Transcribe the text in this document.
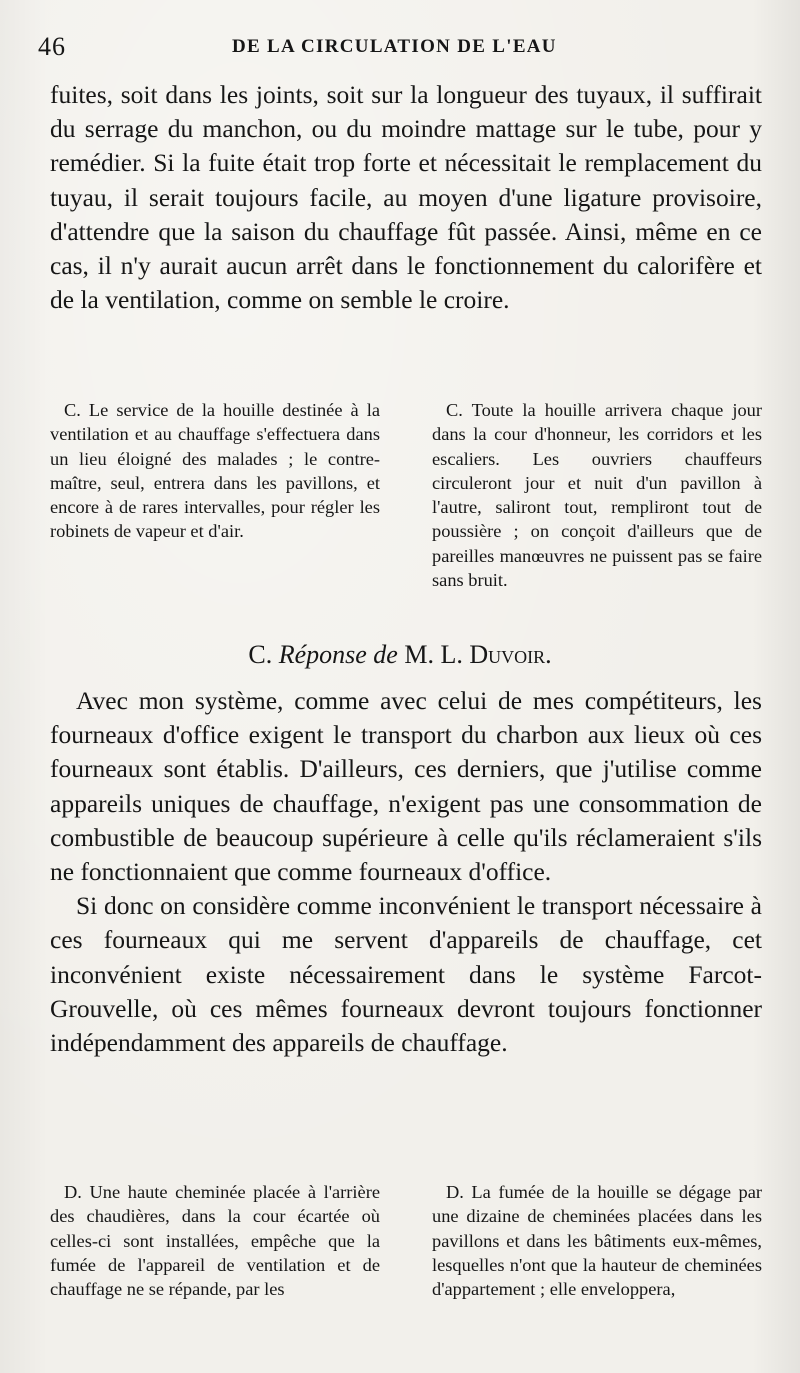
46	DE LA CIRCULATION DE L'EAU

fuites, soit dans les joints, soit sur la longueur des tuyaux, il suffirait du serrage du manchon, ou du moindre mattage sur le tube, pour y remédier. Si la fuite était trop forte et nécessitait le remplacement du tuyau, il serait toujours facile, au moyen d'une ligature provisoire, d'attendre que la saison du chauffage fût passée. Ainsi, même en ce cas, il n'y aurait aucun arrêt dans le fonctionnement du calorifère et de la ventilation, comme on semble le croire.

C. Le service de la houille destinée à la ventilation et au chauffage s'effectuera dans un lieu éloigné des malades ; le contre-maître, seul, entrera dans les pavillons, et encore à de rares intervalles, pour régler les robinets de vapeur et d'air.

C. Toute la houille arrivera chaque jour dans la cour d'honneur, les corridors et les escaliers. Les ouvriers chauffeurs circuleront jour et nuit d'un pavillon à l'autre, saliront tout, rempliront tout de poussière ; on conçoit d'ailleurs que de pareilles manœuvres ne puissent pas se faire sans bruit.

C. Réponse de M. L. Duvoir.

Avec mon système, comme avec celui de mes compétiteurs, les fourneaux d'office exigent le transport du charbon aux lieux où ces fourneaux sont établis. D'ailleurs, ces derniers, que j'utilise comme appareils uniques de chauffage, n'exigent pas une consommation de combustible de beaucoup supérieure à celle qu'ils réclameraient s'ils ne fonctionnaient que comme fourneaux d'office.

Si donc on considère comme inconvénient le transport nécessaire à ces fourneaux qui me servent d'appareils de chauffage, cet inconvénient existe nécessairement dans le système Farcot-Grouvelle, où ces mêmes fourneaux devront toujours fonctionner indépendamment des appareils de chauffage.

D. Une haute cheminée placée à l'arrière des chaudières, dans la cour écartée où celles-ci sont installées, empêche que la fumée de l'appareil de ventilation et de chauffage ne se répande, par les

D. La fumée de la houille se dégage par une dizaine de cheminées placées dans les pavillons et dans les bâtiments eux-mêmes, lesquelles n'ont que la hauteur de cheminées d'appartement ; elle enveloppera,
